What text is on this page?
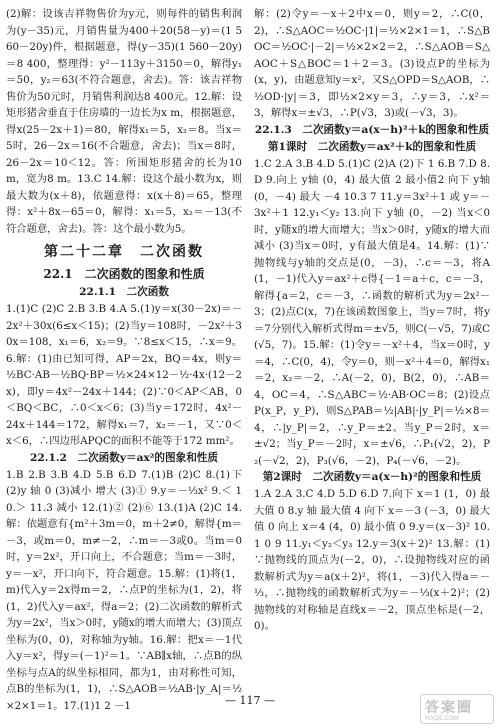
(2)解：设该吉祥物售价为y元，则每件的销售利润为(y－35)元，月销售量为400＋20(58－y)＝(1 560－20y)件，根据题意，得(y－35)(1 560－20y)＝8 400，整理得：y²－113y＋3150＝0，解得y₁＝50，y₂＝63(不符合题意，舍去)。答：该吉祥物售价为50元时，月销售利润达8 400元。12.解：设矩形猪舍垂直于住房墙的一边长为x m，根据题意，得x(25－2x＋1)＝80，解得x₁＝5，x₂＝8。当x＝5时，26－2x＝16(不合题意，舍去)；当x＝8时，26－2x＝10＜12。答：所围矩形猪舍的长为10 m，宽为8 m。13.C 14.解：设这个最小数为x，则最大数为(x＋8)，依题意得：x(x＋8)＝65，整理得：x²＋8x－65＝0，解得：x₁＝5，x₂＝－13(不符合题意，舍去)。答：这个最小数为5。

第二十二章　二次函数
22.1　二次函数的图象和性质
22.1.1　二次函数

1.(1)C (2)C 2.B 3.B 4.A 5.(1)y＝x(30－2x)＝－2x²＋30x(6≤x＜15)；(2)当y＝108时，－2x²＋30x＝108，x₁＝6，x₂＝9。∵8≤x＜15，∴x＝9。6.解：(1)由已知可得，AP＝2x，BQ＝4x，则y＝½BC·AB－½BQ·BP＝½×24×12－½·4x·(12－2x)，即y＝4x²－24x＋144；(2)∵0＜AP＜AB，0＜BQ＜BC，∴0＜x＜6；(3)当y＝172时，4x²－24x＋144＝172，解得x₁＝7，x₂＝－1，又∵0＜x＜6，∴四边形APQC的面积不能等于172 mm²。

22.1.2　二次函数y＝ax²的图象和性质

1.B 2.B 3.B 4.D 5.B 6.D 7.(1)B (2)C 8.(1)下 (2)y 轴 0 (3)减小 增大 (3)① 9.y＝－⅓x² 9.＜ 10.＞ 11.3 减小 12.(1)② (2)⑥ 13.(1)A (2)C 14.解：依题意有{m²＋3m＝0，m＋2≠0，解得{m＝－3，或m＝0，m≠－2，∴m＝－3或0。当m＝0时，y＝2x²，开口向上，不合题意；当m＝－3时，y＝－x²，开口向下，符合题意。15.解：(1)将(1，m)代入y＝2x得m＝2，∴点P的坐标为(1，2)，将(1，2)代入y＝ax²，得a＝2；(2)二次函数的解析式为y＝2x²，当x＞0时，y随x的增大而增大；(3)顶点坐标为(0，0)，对称轴为y轴。16.解：把x＝－1代入y＝x²，得y＝(－1)²＝1。∵AB∥x轴，∴点B的纵坐标与点A的纵坐标相同，都为1，由对称性可知，点B的坐标为(1，1)，∴S△AOB＝½AB·|y_A|＝½×2×1＝1。17.(1)1 2 －1

解：(2)令y＝－x＋2中x＝0，则y＝2，∴C(0，2)，∴S△AOC＝½OC·|1|＝½×2×1＝1，∴S△BOC＝½OC·|－2|＝½×2×2＝2，∴S△AOB＝S△AOC＋S△BOC＝1＋2＝3。(3)设点P的坐标为(x，y)，由题意知y＝x²，又S△OPD＝S△AOB，∴½OD·|y|＝3，即½×2×y＝3，∴y＝3，∴x²＝3，解得x＝±√3，∴P(√3，3)或(－√3，3)。

22.1.3　二次函数y＝a(x－h)²＋k的图象和性质
第1课时　二次函数y＝ax²＋k的图象和性质

1.C 2.A 3.B 4.D 5.(1)C (2)A (2)下 1 6.B 7.D 8.D 9.向上 y轴 (0，4) 最大值 2 最小值2 向下 y轴 (0，－4) 最大 －4 10.3 7 11.y＝3x²＋1 或 y＝－3x²＋1 12.y₁＜y₂ 13.向下 y轴 (0，－2) 当x＜0时，y随x的增大而增大；当x＞0时，y随x的增大而减小 (3)当x＝0时，y有最大值是4。14.解：(1)∵抛物线与y轴的交点是(0，－3)，∴c＝－3，将A(1，－1)代入y＝ax²＋c得{－1＝a＋c，c＝－3，解得{a＝2，c＝－3，∴函数的解析式为y＝2x²－3；(2)点C(x，7)在该函数图象上，当y＝7时，将y＝7分别代入解析式得m＝±√5，则C(－√5，7)或C(√5，7)。15.解：(1)令y＝－x²＋4，当x＝0时，y＝4，∴C(0，4)，令y＝0，则－x²＋4＝0，解得x₁＝2，x₂＝－2，∴A(－2，0)，B(2，0)，∴AB＝4，OC＝4，∴S△ABC＝½·AB·OC＝8；(2)设点P(x_P，y_P)，则S△PAB＝½|AB|·|y_P|＝½×8＝4，∴|y_P|＝2，∴y_P＝±2。当y_P＝2时，x＝±√2；当y_P＝－2时，x＝±√6，∴P₁(√2，2)，P₂(－√2，2)，P₃(√6，－2)，P₄(－√6，－2)。

第2课时　二次函数y＝a(x－h)²的图象和性质

1.A 2.A 3.C 4.D 5.D 6.D 7.向下 x＝1 (1，0) 最大值 0 8.y 轴 最大值 4 向下 x＝－3 (－3，0) 最大值 0 向上 x＝4 (4，0) 最小值 0 9.y＝(x－3)² 10.1 0 9 11.y₁＜y₂＜y₃ 12.y＝3(x＋2)² 13.解：(1)∵抛物线的顶点为(－2，0)，∴设抛物线对应的函数解析式为y＝a(x＋2)²，将(1，－3)代入得a＝－⅓，∴抛物线的函数解析式为y＝－⅓(x＋2)²；(2)抛物线的对称轴是直线x＝－2，顶点坐标是(－2，0)。

— 117 —	答案圈
MXQE.COM
